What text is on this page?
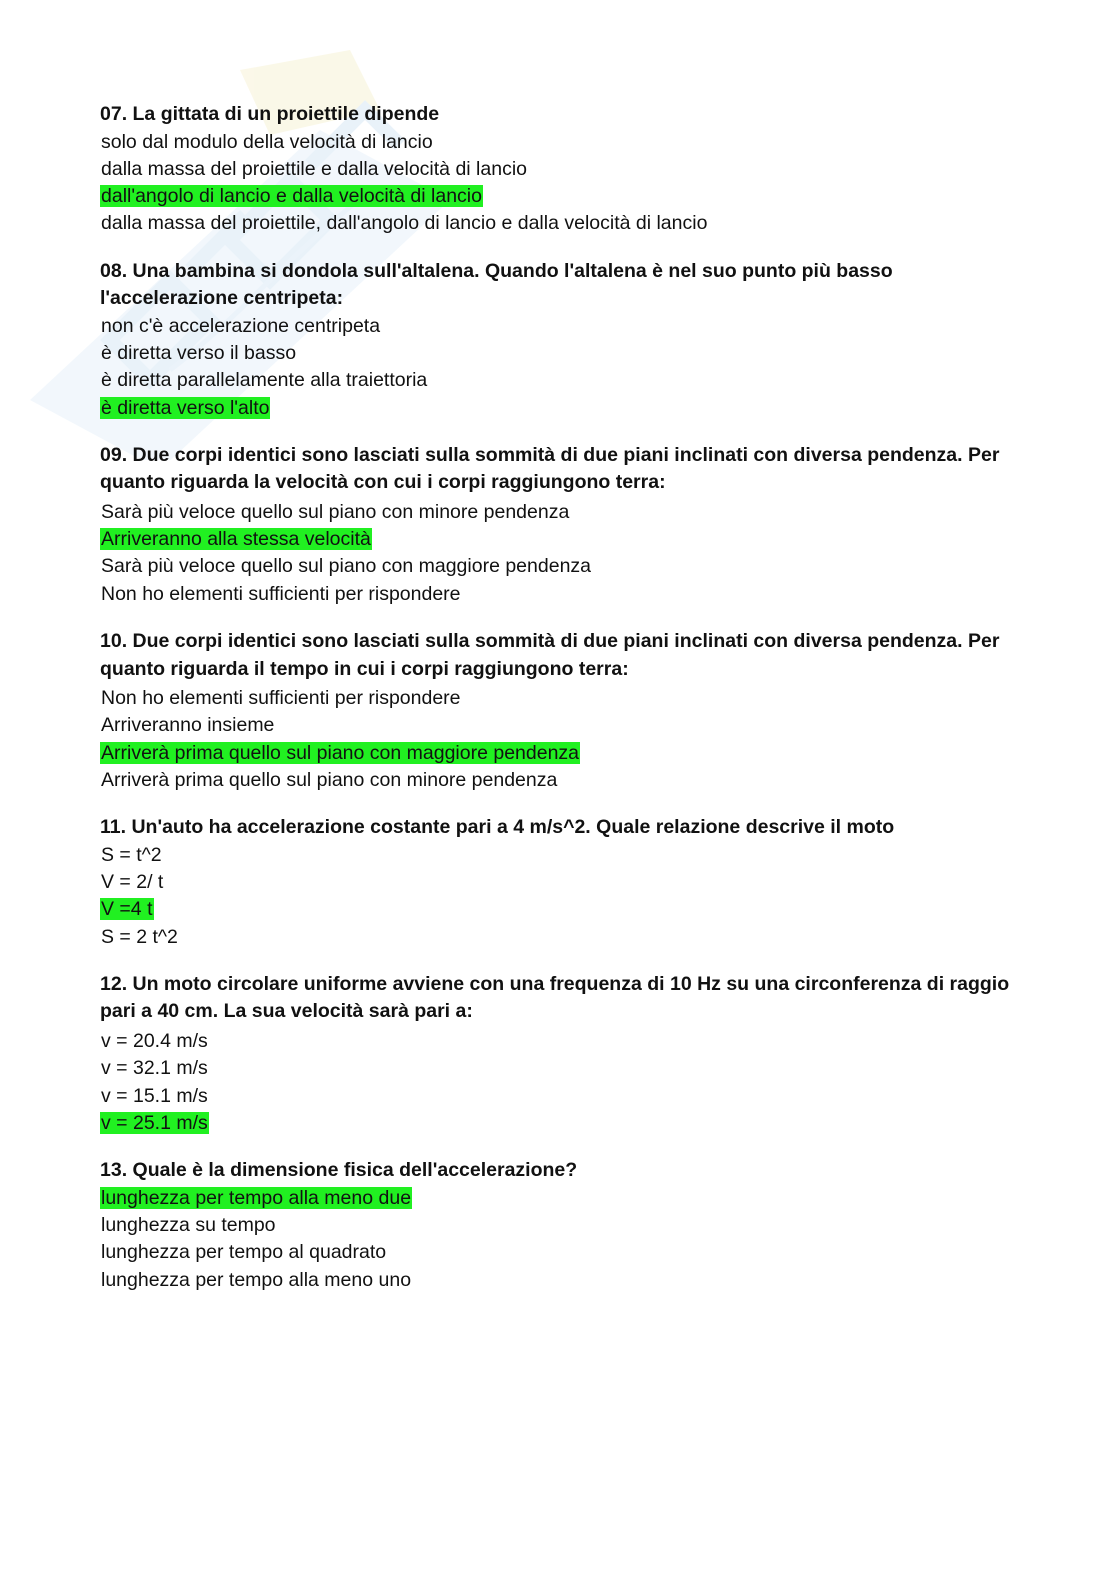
07. La gittata di un proiettile dipende
solo dal modulo della velocità di lancio
dalla massa del proiettile e dalla velocità di lancio
dall'angolo di lancio e dalla velocità di lancio
dalla massa del proiettile, dall'angolo di lancio e dalla velocità di lancio
08. Una bambina si dondola sull'altalena. Quando l'altalena è nel suo punto più basso l'accelerazione centripeta:
non c'è accelerazione centripeta
è diretta verso il basso
è diretta parallelamente alla traiettoria
è diretta verso l'alto
09. Due corpi identici sono lasciati sulla sommità di due piani inclinati con diversa pendenza. Per quanto riguarda la velocità con cui i corpi raggiungono terra:
Sarà più veloce quello sul piano con minore pendenza
Arriveranno alla stessa velocità
Sarà più veloce quello sul piano con maggiore pendenza
Non ho elementi sufficienti per rispondere
10. Due corpi identici sono lasciati sulla sommità di due piani inclinati con diversa pendenza. Per quanto riguarda il tempo in cui i corpi raggiungono terra:
Non ho elementi sufficienti per rispondere
Arriveranno insieme
Arriverà prima quello sul piano con maggiore pendenza
Arriverà prima quello sul piano con minore pendenza
11. Un'auto ha accelerazione costante pari a 4 m/s^2. Quale relazione descrive il moto
S = t^2
V = 2/ t
V =4 t
S = 2 t^2
12. Un moto circolare uniforme avviene con una frequenza di 10 Hz su una circonferenza di raggio pari a 40 cm. La sua velocità sarà pari a:
v = 20.4 m/s
v = 32.1 m/s
v = 15.1 m/s
v = 25.1 m/s
13. Quale è la dimensione fisica dell'accelerazione?
lunghezza per tempo alla meno due
lunghezza su tempo
lunghezza per tempo al quadrato
lunghezza per tempo alla meno uno
